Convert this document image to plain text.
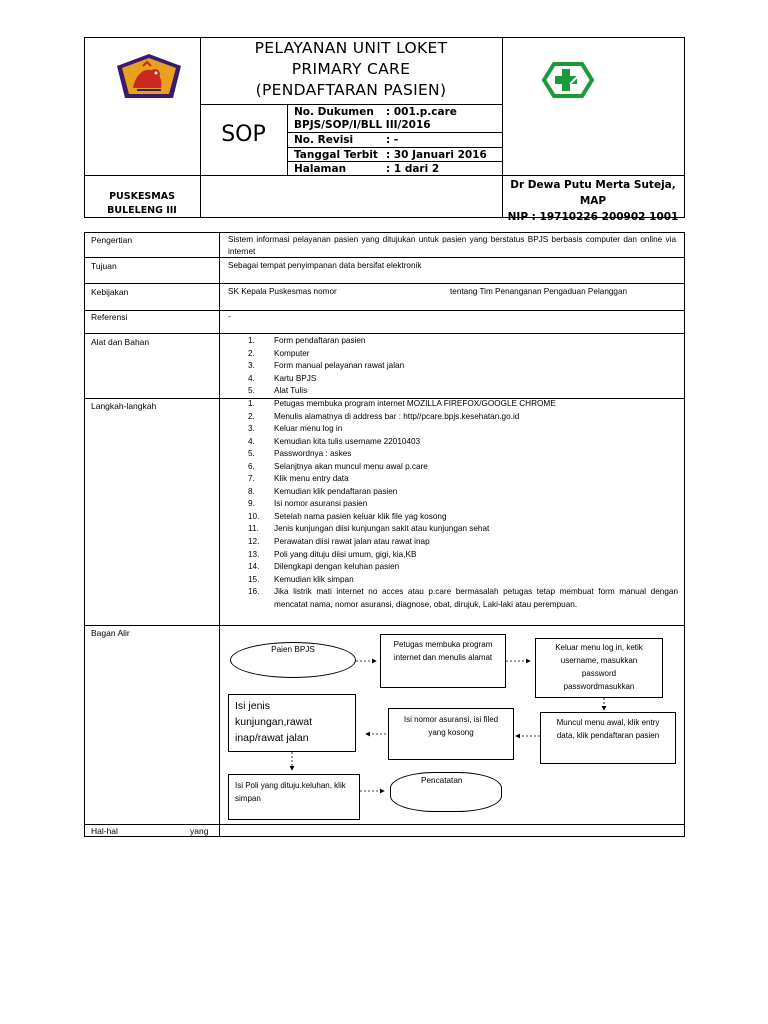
PELAYANAN UNIT LOKET
PRIMARY CARE
(PENDAFTARAN PASIEN)
SOP
No. Dukumen : 001.p.care
BPJS/SOP/I/BLL III/2016
No. Revisi	: -
Tanggal Terbit : 30 Januari 2016
Halaman	: 1 dari 2
PUSKESMAS
BULELENG III
Dr Dewa Putu Merta Suteja,
MAP
NIP : 19710226 200902 1001
Pengertian	Sistem informasi pelayanan pasien yang ditujukan untuk pasien yang berstatus BPJS berbasis computer dan online via internet
Tujuan	Sebagai tempat penyimpanan data bersifat elektronik
Kebijakan	SK Kepala Puskesmas nomor	tentang Tim Penanganan Pengaduan Pelanggan
Referensi	-
Alat dan Bahan	1.	Form pendaftaran pasien
2.	Komputer
3.	Form manual pelayanan rawat jalan
4.	Kartu BPJS
5.	Alat Tulis
Langkah-langkah	1.	Petugas membuka program internet MOZILLA FIREFOX/GOOGLE CHROME
2.	Menulis alamatnya di address bar : http//pcare.bpjs.kesehatan.go.id
3.	Keluar menu log in
4.	Kemudian kita tulis username 22010403
5.	Passwordnya : askes
6.	Selanjtnya akan muncul menu awal p.care
7.	Klik menu entry data
8.	Kemudian klik pendaftaran pasien
9.	Isi nomor asuransi pasien
10.	Setelah nama pasien keluar klik file yag kosong
11.	Jenis kunjungan diisi kunjungan sakit atau kunjungan sehat
12.	Perawatan diisi rawat jalan atau rawat inap
13.	Poli yang dituju diisi umum, gigi, kia,KB
14.	Dilengkapi dengan keluhan pasien
15.	Kemudian klik simpan
16.	Jika listrik mati internet no acces atau p.care bermasalah petugas tetap membuat form manual dengan mencatat nama, nomor asuransi, diagnose, obat, dirujuk, Laki-laki atau perempuan.
Bagan Alir
Paien BPJS
Petugas membuka program internet dan menulis alamat
Keluar menu log in, ketik
username, masukkan
password
passwordmasukkan
Muncul menu awal, klik entry data, klik pendaftaran pasien
Isi nomor asuransi, isi filed yang kosong
Isi jenis kunjungan,rawat inap/rawat jalan
Isi Poli yang dituju.keluhan, klik simpan
Pencatatan
Hal-hal	yang
